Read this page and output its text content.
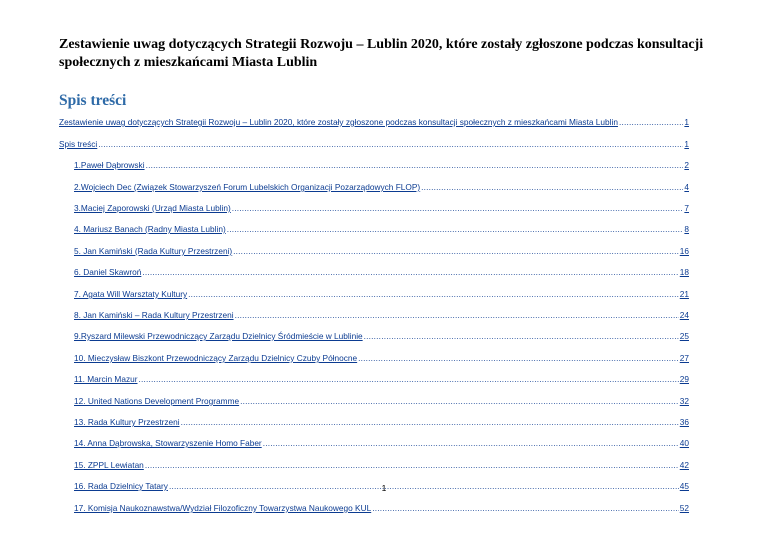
Zestawienie uwag dotyczących Strategii Rozwoju – Lublin 2020, które zostały zgłoszone podczas konsultacji społecznych z mieszkańcami Miasta Lublin
Spis treści
Zestawienie uwag dotyczących Strategii Rozwoju – Lublin 2020, które zostały zgłoszone podczas konsultacji społecznych z mieszkańcami Miasta Lublin .....	1
Spis treści .....	1
1.Paweł Dąbrowski .....	2
2.Wojciech Dec (Związek Stowarzyszeń Forum Lubelskich Organizacji Pozarządowych FLOP) .....	4
3.Maciej Zaporowski (Urząd Miasta Lublin) .....	7
4. Mariusz Banach (Radny Miasta Lublin) .....	8
5. Jan Kamiński (Rada Kultury Przestrzeni) .....	16
6. Daniel Skawroń .....	18
7. Agata Will Warsztaty Kultury .....	21
8. Jan Kamiński – Rada Kultury Przestrzeni .....	24
9.Ryszard Milewski Przewodniczący Zarządu Dzielnicy Śródmieście w Lublinie .....	25
10. Mieczysław Biszkont Przewodniczący Zarządu Dzielnicy Czuby Północne .....	27
11. Marcin Mazur .....	29
12. United Nations Development Programme .....	32
13. Rada Kultury Przestrzeni .....	36
14. Anna Dąbrowska, Stowarzyszenie Homo Faber .....	40
15. ZPPL Lewiatan .....	42
16. Rada Dzielnicy Tatary .....	45
17. Komisja Naukoznawstwa/Wydział Filozoficzny Towarzystwa Naukowego KUL .....	52
1
